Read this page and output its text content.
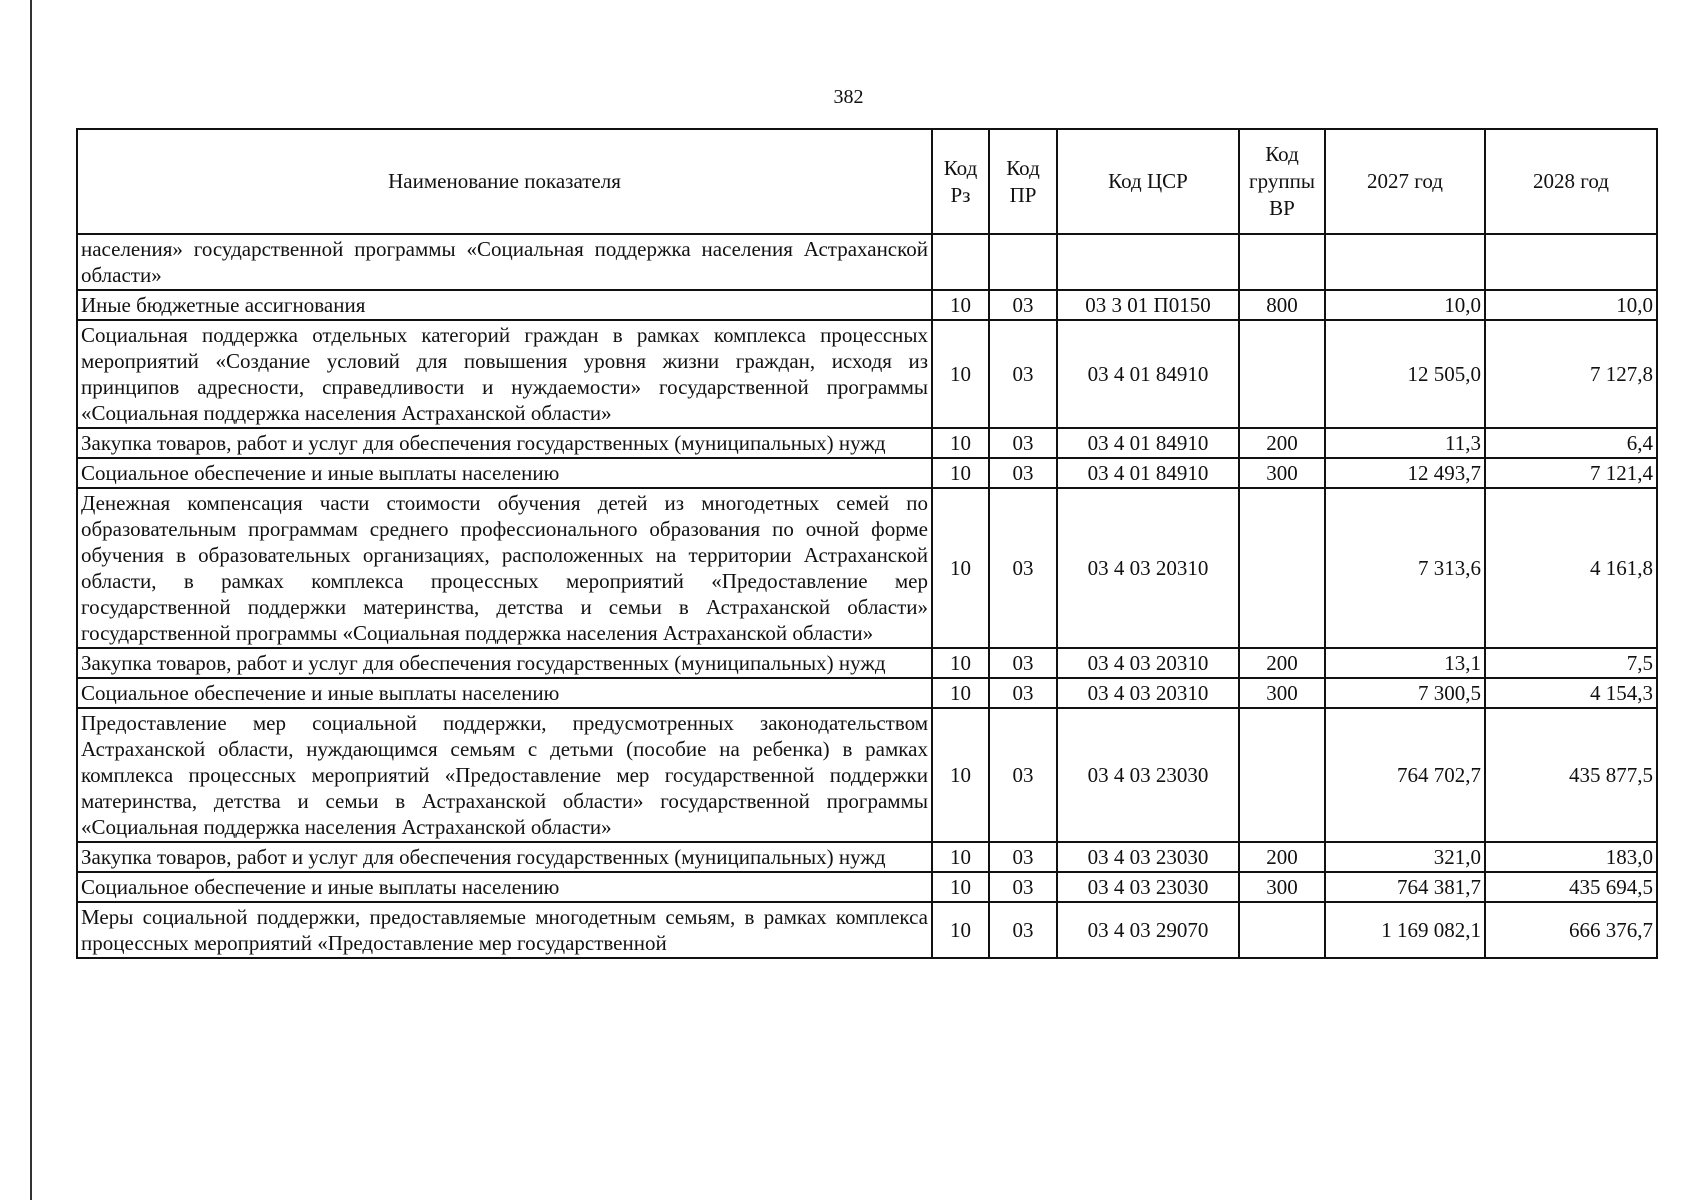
382
Наименование показателя	Код Рз	Код ПР	Код ЦСР	Код группы ВР	2027 год	2028 год
населения» государственной программы «Социальная поддержка населения Астраханской области»						
Иные бюджетные ассигнования	10	03	03 3 01 П0150	800	10,0	10,0
Социальная поддержка отдельных категорий граждан в рамках комплекса процессных мероприятий «Создание условий для повышения уровня жизни граждан, исходя из принципов адресности, справедливости и нуждаемости» государственной программы «Социальная поддержка населения Астраханской области»	10	03	03 4 01 84910		12 505,0	7 127,8
Закупка товаров, работ и услуг для обеспечения государственных (муниципальных) нужд	10	03	03 4 01 84910	200	11,3	6,4
Социальное обеспечение и иные выплаты населению	10	03	03 4 01 84910	300	12 493,7	7 121,4
Денежная компенсация части стоимости обучения детей из многодетных семей по образовательным программам среднего профессионального образования по очной форме обучения в образовательных организациях, расположенных на территории Астраханской области, в рамках комплекса процессных мероприятий «Предоставление мер государственной поддержки материнства, детства и семьи в Астраханской области» государственной программы «Социальная поддержка населения Астраханской области»	10	03	03 4 03 20310		7 313,6	4 161,8
Закупка товаров, работ и услуг для обеспечения государственных (муниципальных) нужд	10	03	03 4 03 20310	200	13,1	7,5
Социальное обеспечение и иные выплаты населению	10	03	03 4 03 20310	300	7 300,5	4 154,3
Предоставление мер социальной поддержки, предусмотренных законодательством Астраханской области, нуждающимся семьям с детьми (пособие на ребенка) в рамках комплекса процессных мероприятий «Предоставление мер государственной поддержки материнства, детства и семьи в Астраханской области» государственной программы «Социальная поддержка населения Астраханской области»	10	03	03 4 03 23030		764 702,7	435 877,5
Закупка товаров, работ и услуг для обеспечения государственных (муниципальных) нужд	10	03	03 4 03 23030	200	321,0	183,0
Социальное обеспечение и иные выплаты населению	10	03	03 4 03 23030	300	764 381,7	435 694,5
Меры социальной поддержки, предоставляемые многодетным семьям, в рамках комплекса процессных мероприятий «Предоставление мер государственной	10	03	03 4 03 29070		1 169 082,1	666 376,7
